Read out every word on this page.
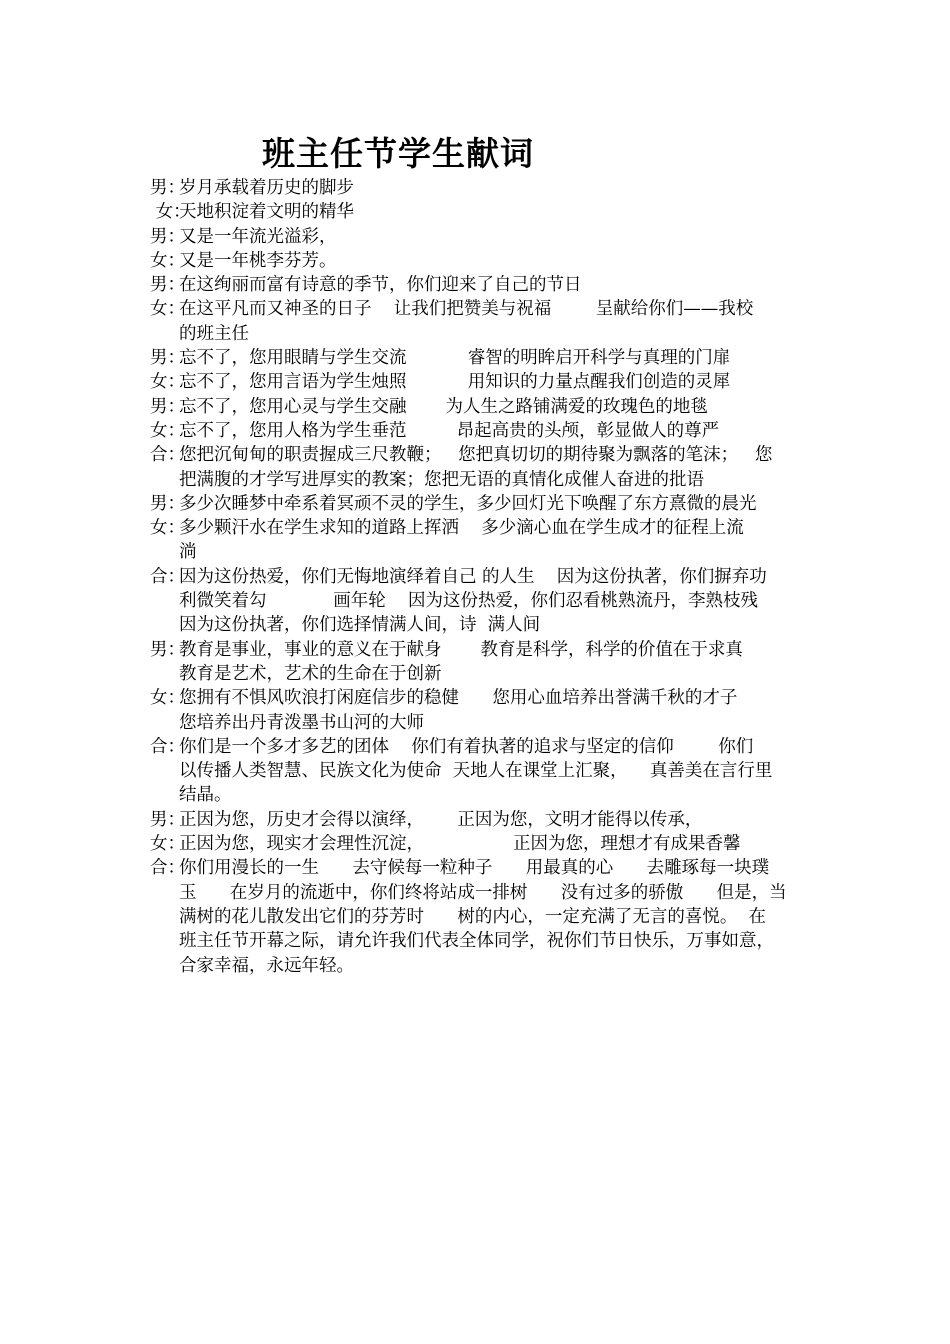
班主任节学生献词
男：
岁月承载着历史的脚步
女：
天地积淀着文明的精华
男：
又是一年流光溢彩，
女：
又是一年桃李芬芳。
男：
在这绚丽而富有诗意的季节，你们迎来了自己的节日
女：
在这平凡而又神圣的日子    让我们把赞美与祝福        呈献给你们——我校
的班主任
男：
忘不了，您用眼睛与学生交流           睿智的明眸启开科学与真理的门扉
女：
忘不了，您用言语为学生烛照           用知识的力量点醒我们创造的灵犀
男：
忘不了，您用心灵与学生交融       为人生之路铺满爱的玫瑰色的地毯
女：
忘不了，您用人格为学生垂范         昂起高贵的头颅，彰显做人的尊严
合：
您把沉甸甸的职责握成三尺教鞭；   您把真切切的期待聚为飘落的笔沫；   您
把满腹的才学写进厚实的教案；您把无语的真情化成催人奋进的批语
男：
多少次睡梦中牵系着冥顽不灵的学生，多少回灯光下唤醒了东方熹微的晨光
女：
多少颗汗水在学生求知的道路上挥洒    多少滴心血在学生成才的征程上流
淌
合：
因为这份热爱，你们无悔地演绎着自己 的人生    因为这份执著，你们摒弃功
利微笑着勾            画年轮    因为这份热爱，你们忍看桃熟流丹，李熟枝残
因为这份执著，你们选择情满人间，诗  满人间
男：
教育是事业，事业的意义在于献身       教育是科学，科学的价值在于求真
教育是艺术，艺术的生命在于创新
女：
您拥有不惧风吹浪打闲庭信步的稳健      您用心血培养出誉满千秋的才子
您培养出丹青泼墨书山河的大师
合：
你们是一个多才多艺的团体    你们有着执著的追求与坚定的信仰        你们
以传播人类智慧、民族文化为使命  天地人在课堂上汇聚，    真善美在言行里
结晶。
男：
正因为您，历史才会得以演绎，      正因为您，文明才能得以传承，
女：
正因为您，现实才会理性沉淀，                正因为您，理想才有成果香馨
合：
你们用漫长的一生      去守候每一粒种子      用最真的心      去雕琢每一块璞
玉      在岁月的流逝中，你们终将站成一排树      没有过多的骄傲      但是，当
满树的花儿散发出它们的芬芳时      树的内心，一定充满了无言的喜悦。  在
班主任节开幕之际，请允许我们代表全体同学，祝你们节日快乐，万事如意，
合家幸福，永远年轻。
